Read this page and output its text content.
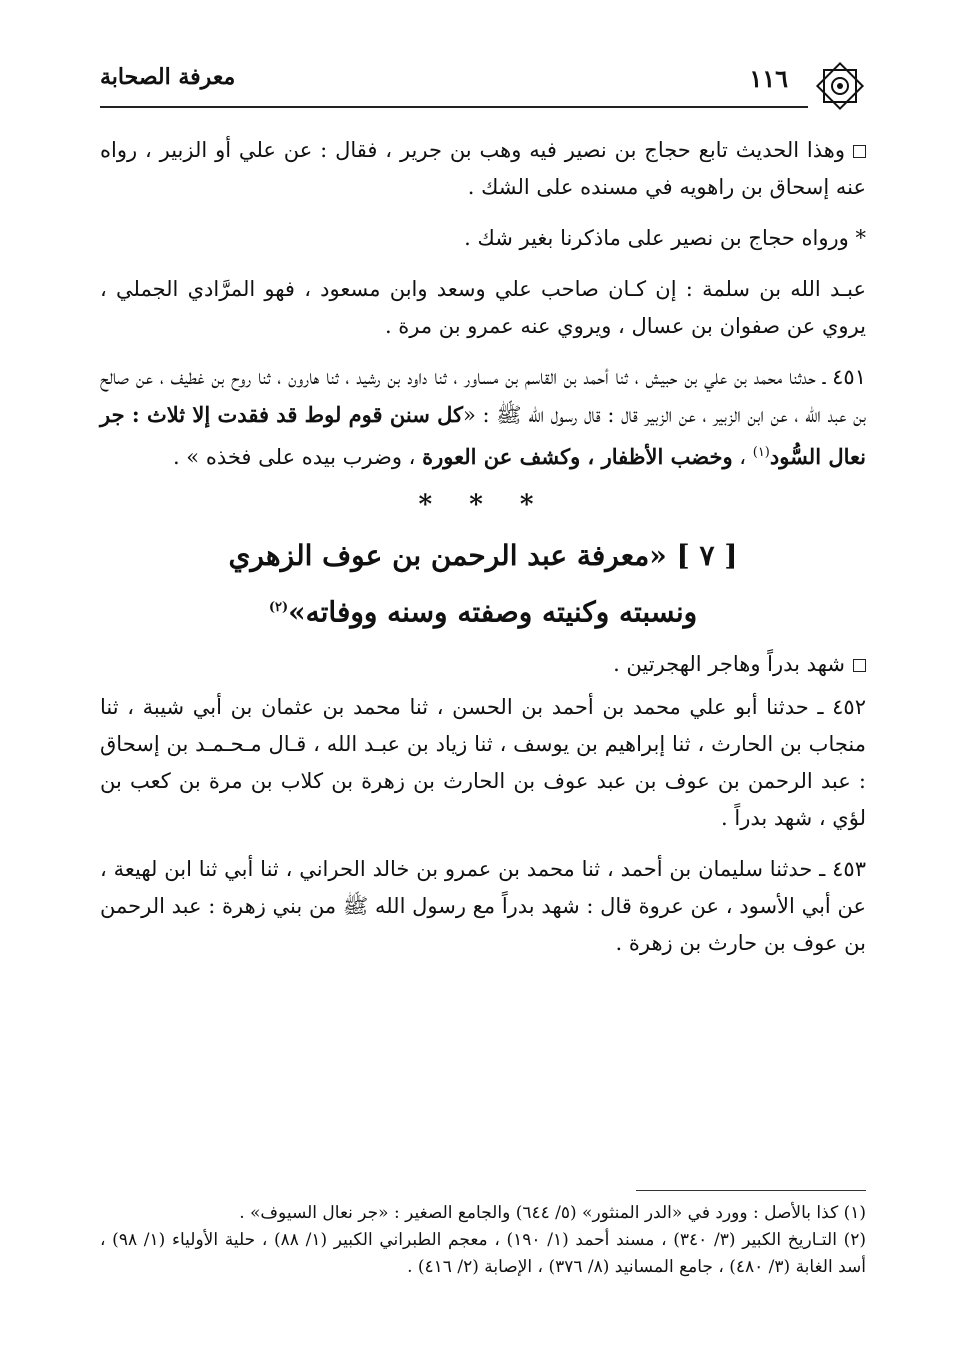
١١٦
معرفة الصحابة

وهذا الحديث تابع حجاج بن نصير فيه وهب بن جرير ، فقال : عن علي أو الزبير ، رواه عنه إسحاق بن راهويه في مسنده على الشك .

* ورواه حجاج بن نصير على ماذكرنا بغير شك .

عبـد الله بن سلمة : إن كـان صاحب علي وسعد وابن مسعود ، فهو المرَّادي الجملي ، يروي عن صفوان بن عسال ، ويروي عنه عمرو بن مرة .

٤٥١ ـ حدثنا محمد بن علي بن حبيش ، ثنا أحمد بن القاسم بن مساور ، ثنا داود بن رشيد ، ثنا هارون ، ثنا روح بن غطيف ، عن صالح بن عبد الله ، عن ابن الزبير ، عن الزبير قال : قال رسول الله ﷺ : «كل سنن قوم لوط قد فقدت إلا ثلاث : جر نعال السُّود$^{(١)}$ ، وخضب الأظفار ، وكشف عن العورة ، وضرب بيده على فخذه » .

* * *

[ ٧ ] «معرفة عبد الرحمن بن عوف الزهري

ونسبته وكنيته وصفته وسنه ووفاته»$^{(٢)}$

شهد بدراً وهاجر الهجرتين .

٤٥٢ ـ حدثنا أبو علي محمد بن أحمد بن الحسن ، ثنا محمد بن عثمان بن أبي شيبة ، ثنا منجاب بن الحارث ، ثنا إبراهيم بن يوسف ، ثنا زياد بن عبـد الله ، قـال مـحـمـد بن إسحاق : عبد الرحمن بن عوف بن عبد عوف بن الحارث بن زهرة بن كلاب بن مرة بن كعب بن لؤي ، شهد بدراً .

٤٥٣ ـ حدثنا سليمان بن أحمد ، ثنا محمد بن عمرو بن خالد الحراني ، ثنا أبي ثنا ابن لهيعة ، عن أبي الأسود ، عن عروة قال : شهد بدراً مع رسول الله ﷺ من بني زهرة : عبد الرحمن بن عوف بن حارث بن زهرة .

(١) كذا بالأصل : وورد في «الدر المنثور» (٥/ ٦٤٤) والجامع الصغير : «جر نعال السيوف» .

(٢) التـاريخ الكبير (٣/ ٣٤٠) ، مسند أحمد (١/ ١٩٠) ، معجم الطبراني الكبير (١/ ٨٨) ، حلية الأولياء (١/ ٩٨) ، أسد الغابة (٣/ ٤٨٠) ، جامع المسانيد (٨/ ٣٧٦) ، الإصابة (٢/ ٤١٦) .
